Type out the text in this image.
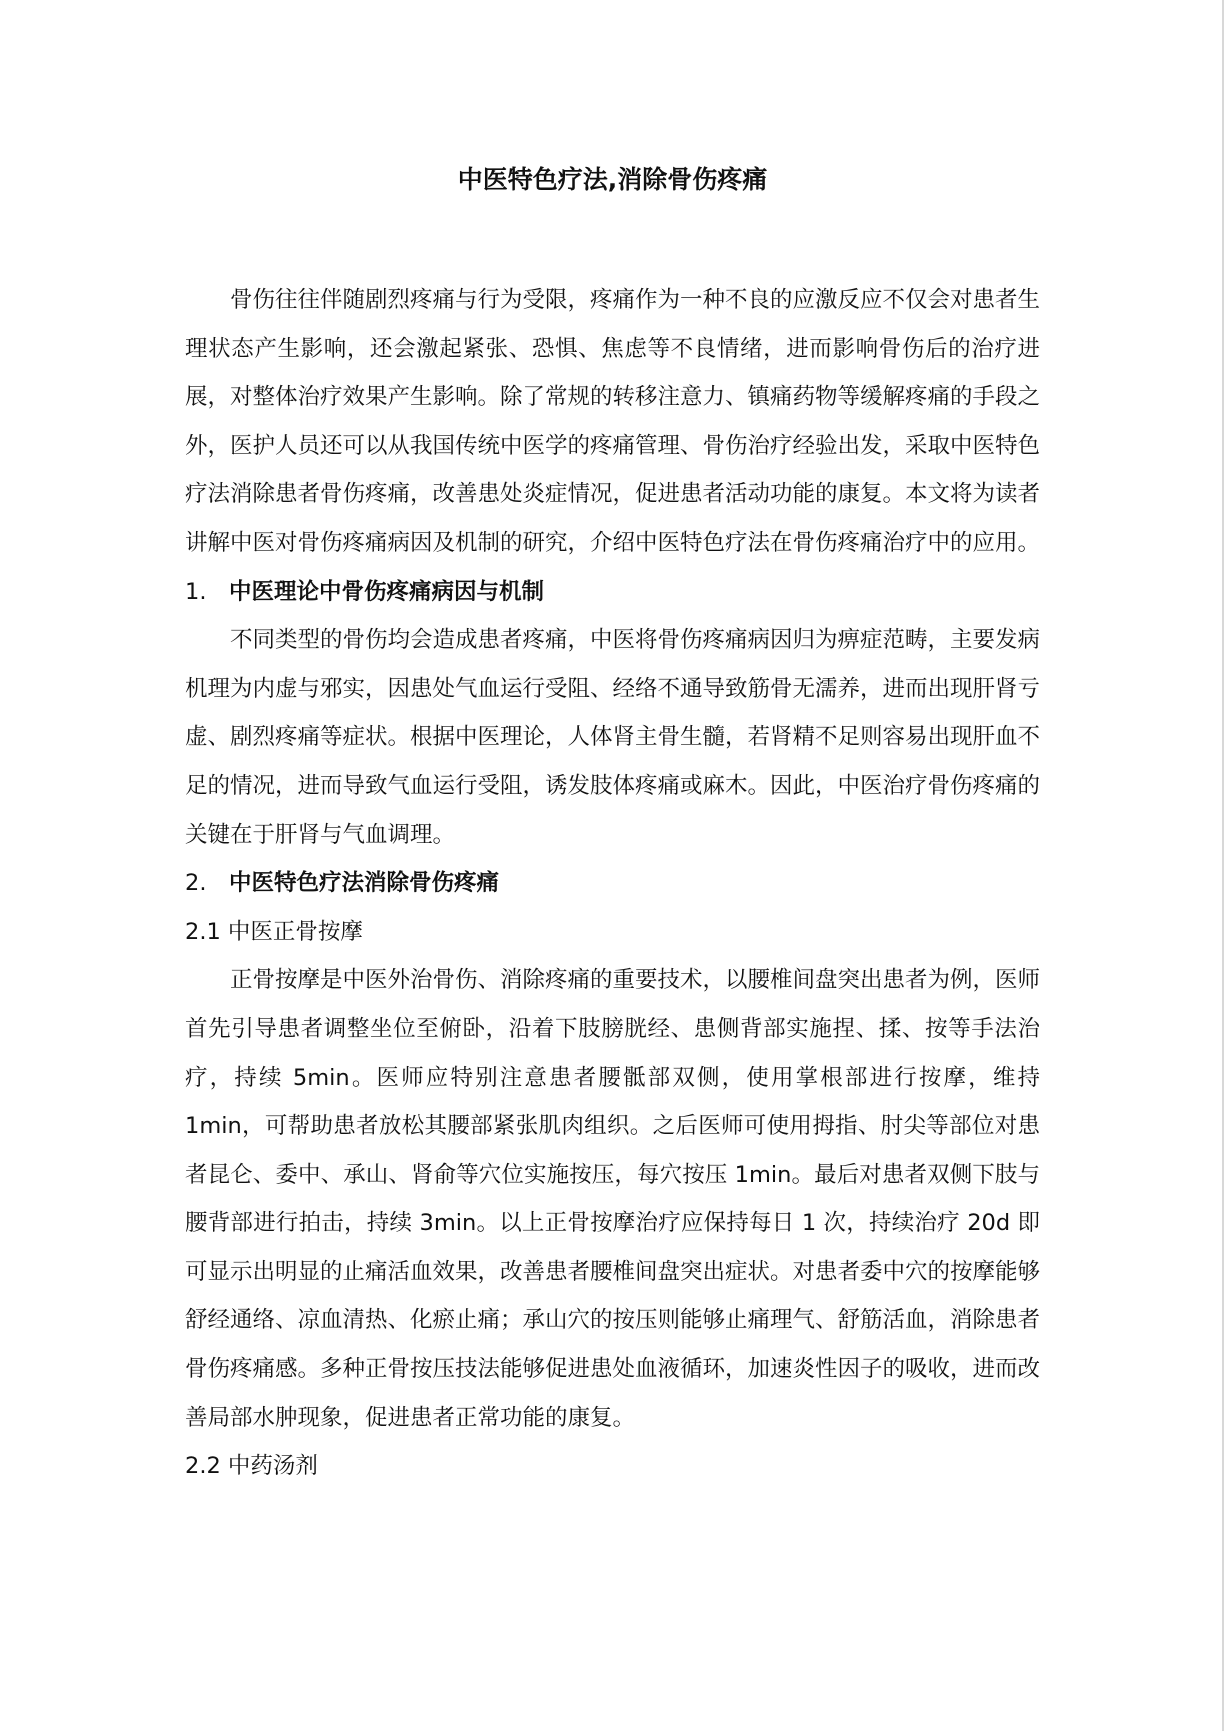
中医特色疗法,消除骨伤疼痛

骨伤往往伴随剧烈疼痛与行为受限，疼痛作为一种不良的应激反应不仅会对患者生理状态产生影响，还会激起紧张、恐惧、焦虑等不良情绪，进而影响骨伤后的治疗进展，对整体治疗效果产生影响。除了常规的转移注意力、镇痛药物等缓解疼痛的手段之外，医护人员还可以从我国传统中医学的疼痛管理、骨伤治疗经验出发，采取中医特色疗法消除患者骨伤疼痛，改善患处炎症情况，促进患者活动功能的康复。本文将为读者讲解中医对骨伤疼痛病因及机制的研究，介绍中医特色疗法在骨伤疼痛治疗中的应用。

1.	中医理论中骨伤疼痛病因与机制

不同类型的骨伤均会造成患者疼痛，中医将骨伤疼痛病因归为痹症范畴，主要发病机理为内虚与邪实，因患处气血运行受阻、经络不通导致筋骨无濡养，进而出现肝肾亏虚、剧烈疼痛等症状。根据中医理论，人体肾主骨生髓，若肾精不足则容易出现肝血不足的情况，进而导致气血运行受阻，诱发肢体疼痛或麻木。因此，中医治疗骨伤疼痛的关键在于肝肾与气血调理。

2.	中医特色疗法消除骨伤疼痛

2.1 中医正骨按摩

正骨按摩是中医外治骨伤、消除疼痛的重要技术，以腰椎间盘突出患者为例，医师首先引导患者调整坐位至俯卧，沿着下肢膀胱经、患侧背部实施捏、揉、按等手法治疗，持续 5min。医师应特别注意患者腰骶部双侧，使用掌根部进行按摩，维持 1min，可帮助患者放松其腰部紧张肌肉组织。之后医师可使用拇指、肘尖等部位对患者昆仑、委中、承山、肾俞等穴位实施按压，每穴按压 1min。最后对患者双侧下肢与腰背部进行拍击，持续 3min。以上正骨按摩治疗应保持每日 1 次，持续治疗 20d 即可显示出明显的止痛活血效果，改善患者腰椎间盘突出症状。对患者委中穴的按摩能够舒经通络、凉血清热、化瘀止痛；承山穴的按压则能够止痛理气、舒筋活血，消除患者骨伤疼痛感。多种正骨按压技法能够促进患处血液循环，加速炎性因子的吸收，进而改善局部水肿现象，促进患者正常功能的康复。

2.2 中药汤剂
